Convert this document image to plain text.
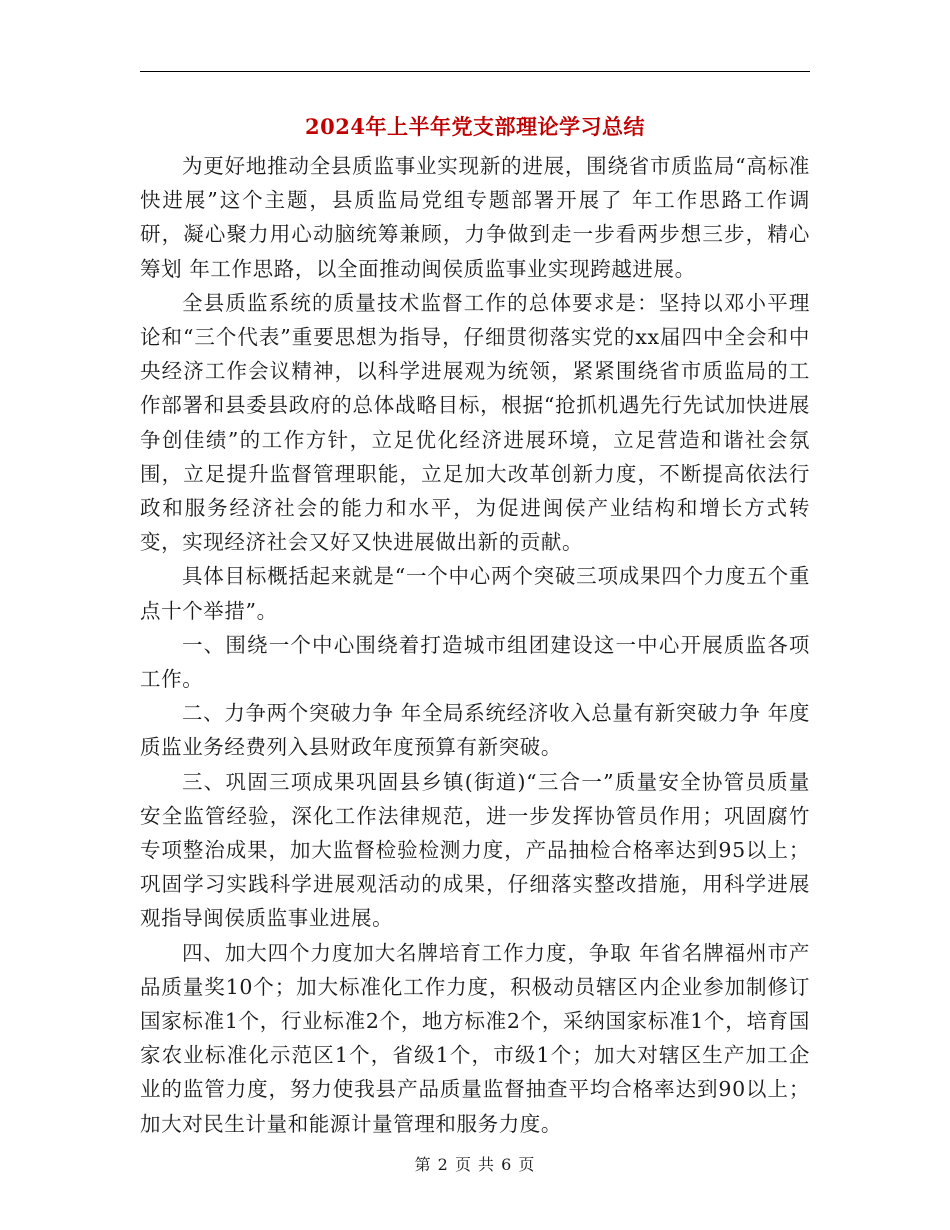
2024年上半年党支部理论学习总结

为更好地推动全县质监事业实现新的进展，围绕省市质监局“高标准快进展”这个主题，县质监局党组专题部署开展了 年工作思路工作调研，凝心聚力用心动脑统筹兼顾，力争做到走一步看两步想三步，精心筹划 年工作思路，以全面推动闽侯质监事业实现跨越进展。

全县质监系统的质量技术监督工作的总体要求是：坚持以邓小平理论和“三个代表”重要思想为指导，仔细贯彻落实党的xx届四中全会和中央经济工作会议精神，以科学进展观为统领，紧紧围绕省市质监局的工作部署和县委县政府的总体战略目标，根据“抢抓机遇先行先试加快进展争创佳绩”的工作方针，立足优化经济进展环境，立足营造和谐社会氛围，立足提升监督管理职能，立足加大改革创新力度，不断提高依法行政和服务经济社会的能力和水平，为促进闽侯产业结构和增长方式转变，实现经济社会又好又快进展做出新的贡献。

具体目标概括起来就是“一个中心两个突破三项成果四个力度五个重点十个举措”。

一、围绕一个中心围绕着打造城市组团建设这一中心开展质监各项工作。

二、力争两个突破力争 年全局系统经济收入总量有新突破力争 年度质监业务经费列入县财政年度预算有新突破。

三、巩固三项成果巩固县乡镇(街道)“三合一”质量安全协管员质量安全监管经验，深化工作法律规范，进一步发挥协管员作用；巩固腐竹专项整治成果，加大监督检验检测力度，产品抽检合格率达到95以上；巩固学习实践科学进展观活动的成果，仔细落实整改措施，用科学进展观指导闽侯质监事业进展。

四、加大四个力度加大名牌培育工作力度，争取 年省名牌福州市产品质量奖10个；加大标准化工作力度，积极动员辖区内企业参加制修订国家标准1个，行业标准2个，地方标准2个，采纳国家标准1个，培育国家农业标准化示范区1个，省级1个，市级1个；加大对辖区生产加工企业的监管力度，努力使我县产品质量监督抽查平均合格率达到90以上；加大对民生计量和能源计量管理和服务力度。

第 2 页 共 6 页
